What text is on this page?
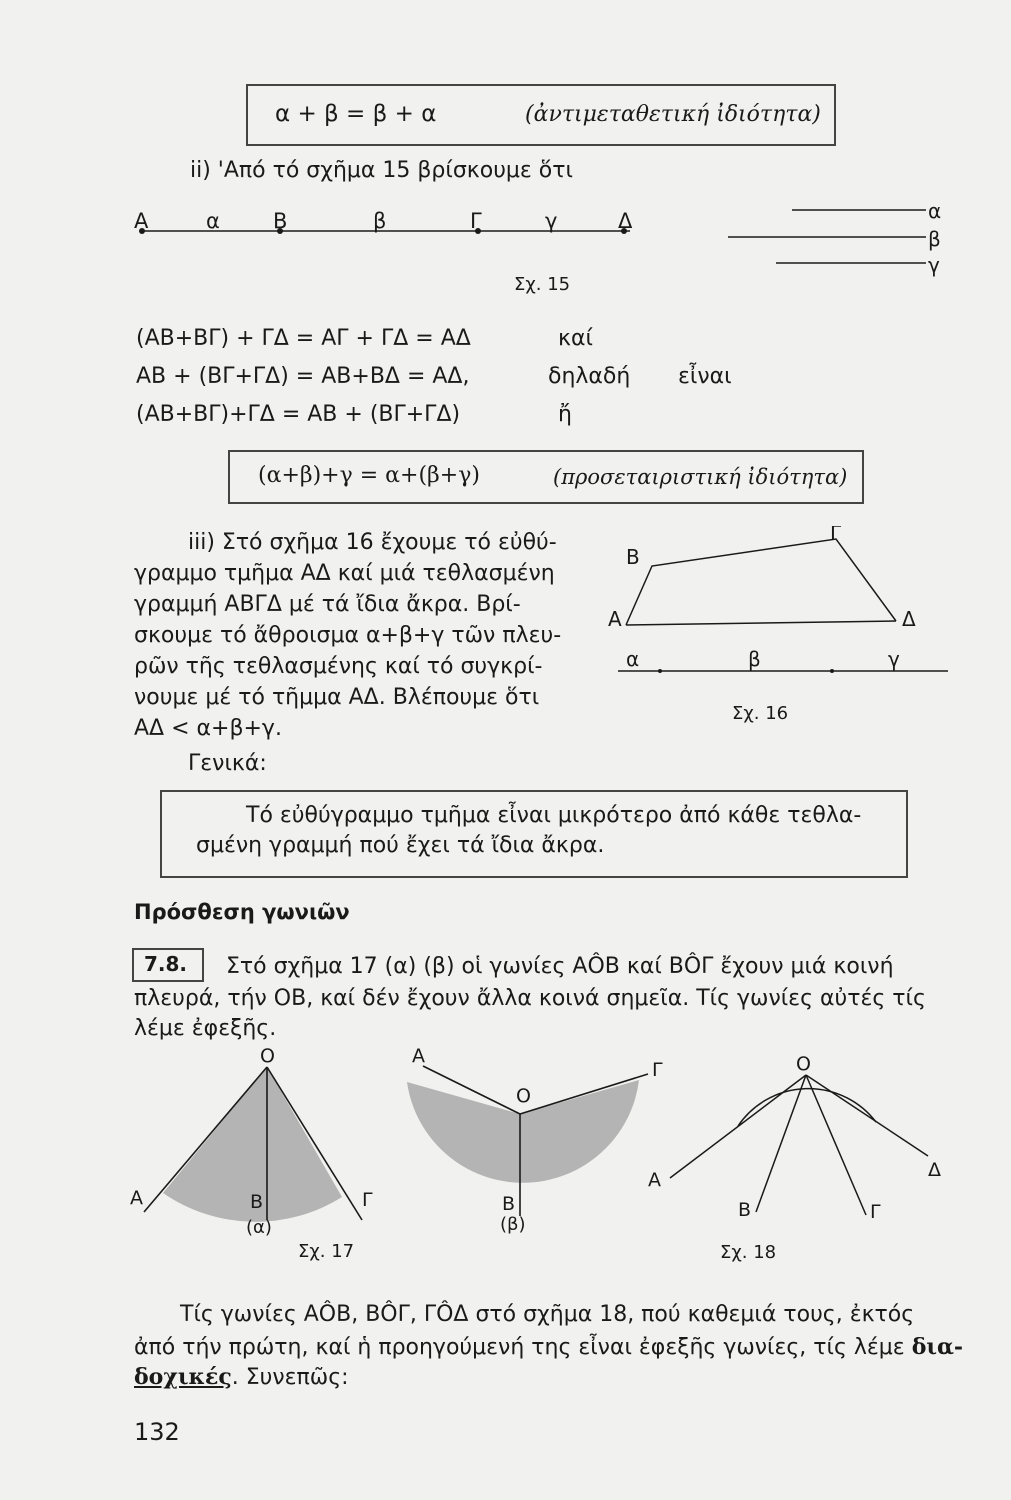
α + β = β + α	(ἀντιμεταθετική ἰδιότητα)
ii) 'Από τό σχῆμα 15 βρίσκουμε ὅτι
Α	α	Β	β	Γ	γ	Δ	α
β
γ
Σχ. 15
(ΑΒ+ΒΓ) + ΓΔ = ΑΓ + ΓΔ = ΑΔ	καί
ΑΒ + (ΒΓ+ΓΔ) = ΑΒ+ΒΔ = ΑΔ,	δηλαδή εἶναι
(ΑΒ+ΒΓ)+ΓΔ = ΑΒ + (ΒΓ+ΓΔ)	ἤ
(α+β)+γ = α+(β+γ)	(προσεταιριστική ἰδιότητα)
iii) Στό σχῆμα 16 ἔχουμε τό εὐθύ-
γραμμο τμῆμα ΑΔ καί μιά τεθλασμένη
γραμμή ΑΒΓΔ μέ τά ἴδια ἄκρα. Βρί-
σκουμε τό ἄθροισμα α+β+γ τῶν πλευ-
ρῶν τῆς τεθλασμένης καί τό συγκρί-
νουμε μέ τό τῆμμα ΑΔ. Βλέπουμε ὅτι
ΑΔ < α+β+γ.
Γενικά:
Α
Β
Γ
Δ
α	β	γ
Σχ. 16
Τό εὐθύγραμμο τμῆμα εἶναι μικρότερο ἀπό κάθε τεθλα-
σμένη γραμμή πού ἔχει τά ἴδια ἄκρα.
Πρόσθεση γωνιῶν
7.8. Στό σχῆμα 17 (α) (β) οἱ γωνίες ΑÔΒ καί ΒÔΓ ἔχουν μιά κοινή
πλευρά, τήν ΟΒ, καί δέν ἔχουν ἄλλα κοινά σημεῖα. Τίς γωνίες αὐτές τίς
λέμε ἐφεξῆς.
Ο
Α	Β	Γ
(α)
Α
Ο
Γ
Β
(β)
Σχ. 17
Ο
Α
Β	Γ
Δ
Σχ. 18
Τίς γωνίες ΑÔΒ, ΒÔΓ, ΓÔΔ στό σχῆμα 18, πού καθεμιά τους, ἐκτός
ἀπό τήν πρώτη, καί ἡ προηγούμενή της εἶναι ἐφεξῆς γωνίες, τίς λέμε δια-
δοχικές. Συνεπῶς:
132
